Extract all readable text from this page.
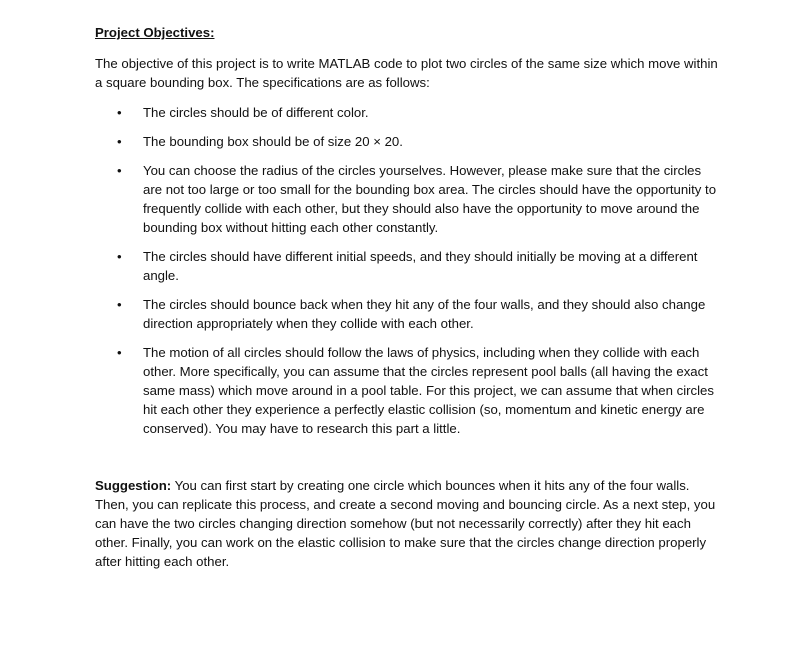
Project Objectives:

The objective of this project is to write MATLAB code to plot two circles of the same size which move within a square bounding box. The specifications are as follows:

• The circles should be of different color.
• The bounding box should be of size 20 × 20.
• You can choose the radius of the circles yourselves. However, please make sure that the circles are not too large or too small for the bounding box area. The circles should have the opportunity to frequently collide with each other, but they should also have the opportunity to move around the bounding box without hitting each other constantly.
• The circles should have different initial speeds, and they should initially be moving at a different angle.
• The circles should bounce back when they hit any of the four walls, and they should also change direction appropriately when they collide with each other.
• The motion of all circles should follow the laws of physics, including when they collide with each other. More specifically, you can assume that the circles represent pool balls (all having the exact same mass) which move around in a pool table. For this project, we can assume that when circles hit each other they experience a perfectly elastic collision (so, momentum and kinetic energy are conserved). You may have to research this part a little.

Suggestion: You can first start by creating one circle which bounces when it hits any of the four walls. Then, you can replicate this process, and create a second moving and bouncing circle. As a next step, you can have the two circles changing direction somehow (but not necessarily correctly) after they hit each other. Finally, you can work on the elastic collision to make sure that the circles change direction properly after hitting each other.
